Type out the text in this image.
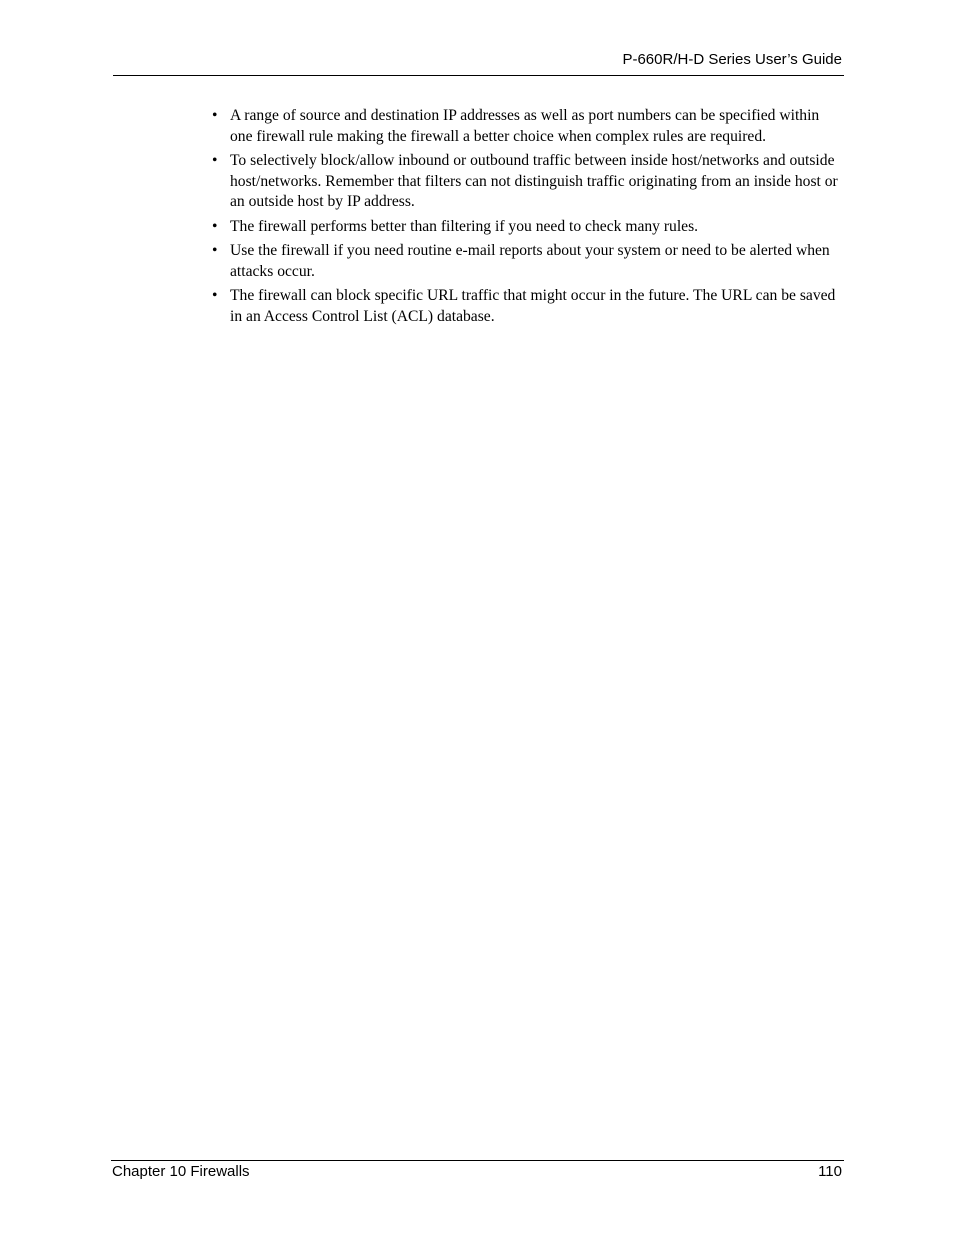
P-660R/H-D Series User’s Guide
• A range of source and destination IP addresses as well as port numbers can be specified within one firewall rule making the firewall a better choice when complex rules are required.
• To selectively block/allow inbound or outbound traffic between inside host/networks and outside host/networks. Remember that filters can not distinguish traffic originating from an inside host or an outside host by IP address.
• The firewall performs better than filtering if you need to check many rules.
• Use the firewall if you need routine e-mail reports about your system or need to be alerted when attacks occur.
• The firewall can block specific URL traffic that might occur in the future. The URL can be saved in an Access Control List (ACL) database.
Chapter 10 Firewalls	110
